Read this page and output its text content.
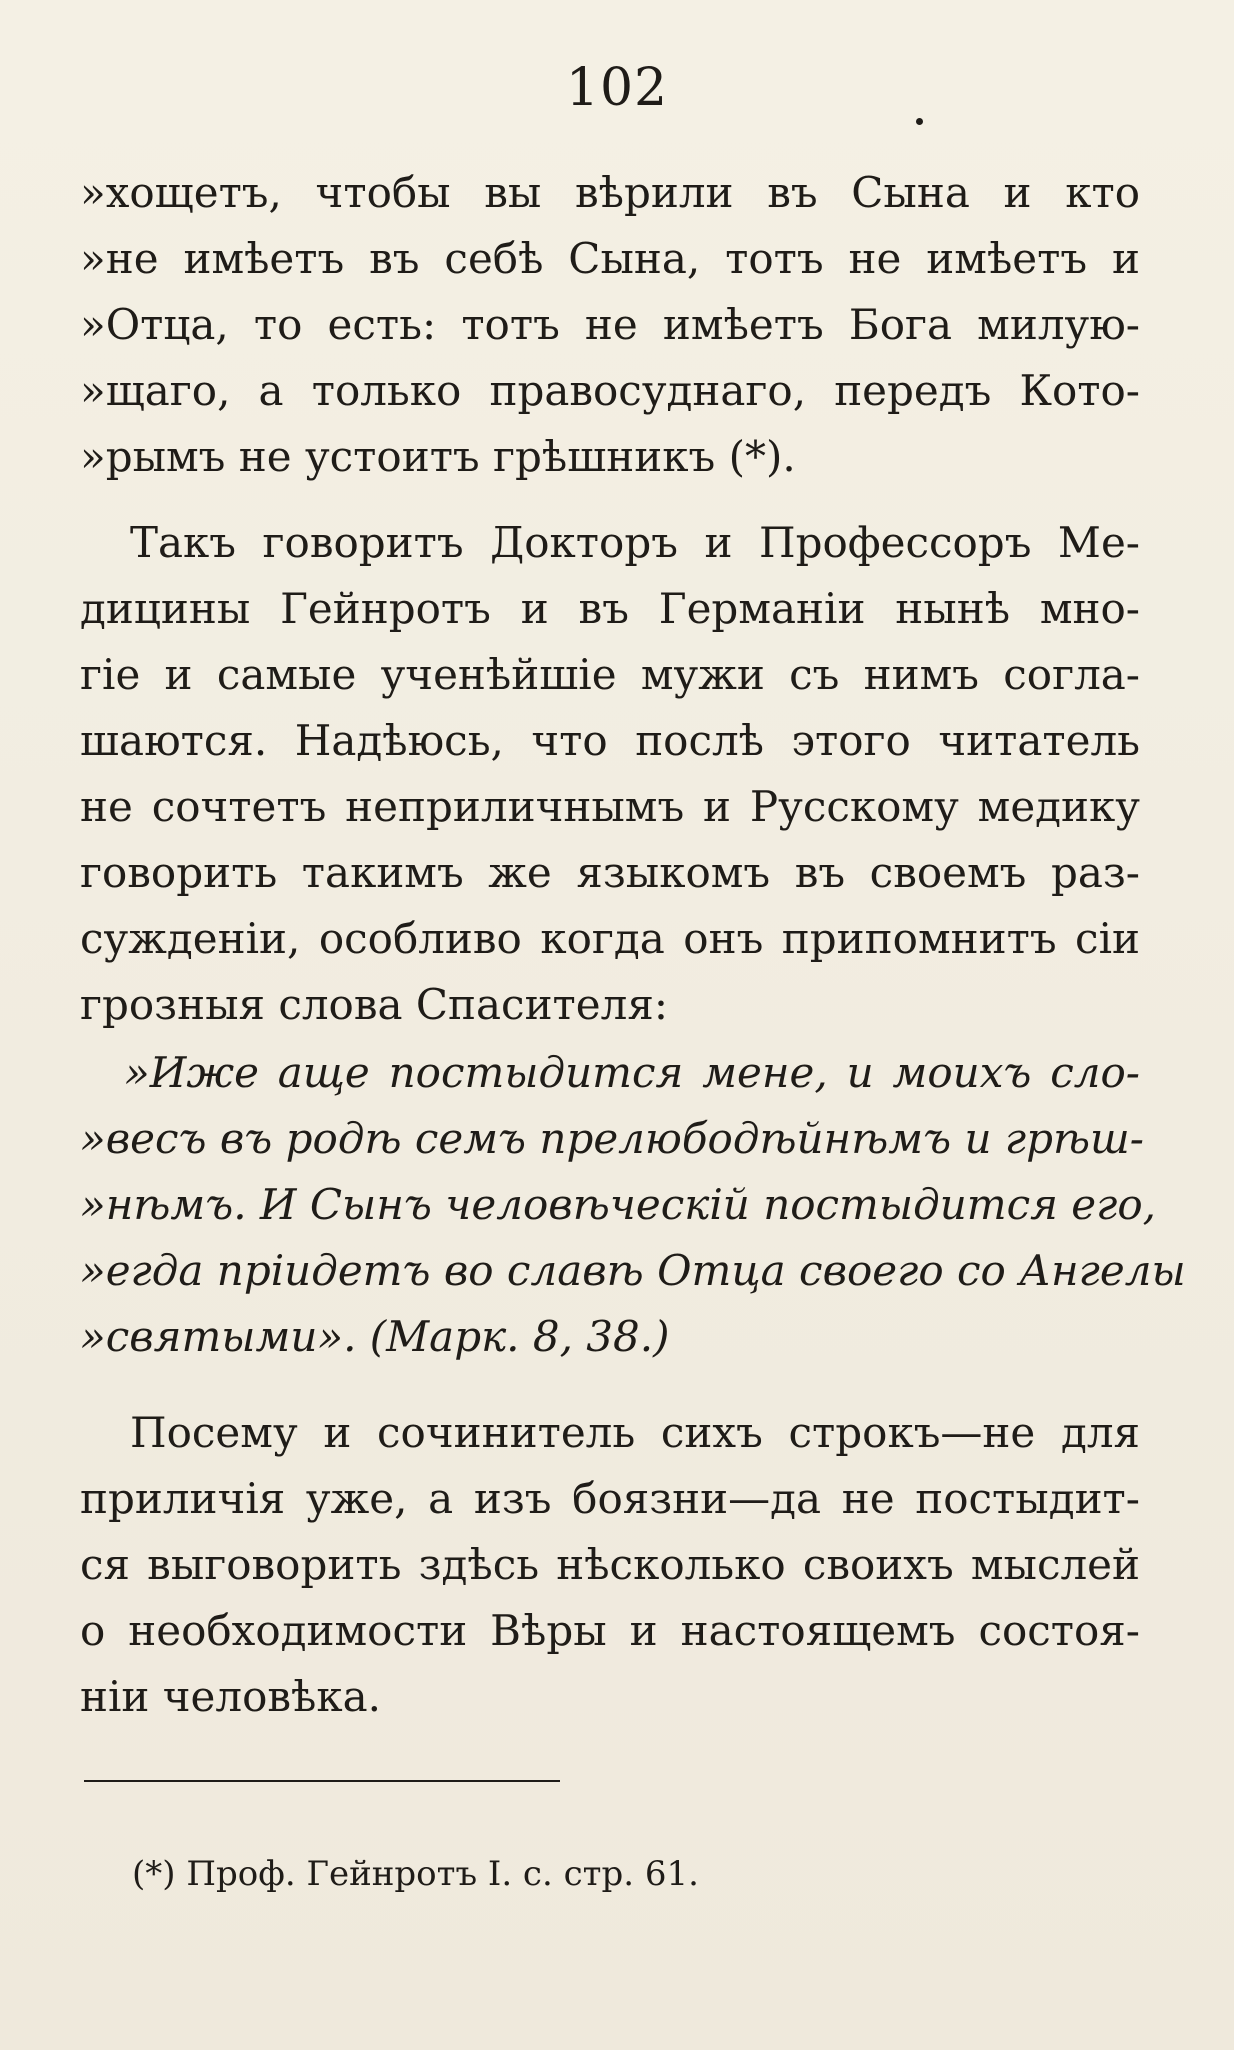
102
»хощетъ, чтобы вы вѣрили въ Сына и кто
»не имѣетъ въ себѣ Сына, тотъ не имѣетъ и
»Отца, то есть: тотъ не имѣетъ Бога милую-
»щаго, а только правосуднаго, передъ Кото-
»рымъ не устоитъ грѣшникъ (*).
Такъ говоритъ Докторъ и Профессоръ Ме-
дицины Гейнротъ и въ Германіи нынѣ мно-
гіе и самые ученѣйшіе мужи съ нимъ согла-
шаются. Надѣюсь, что послѣ этого читатель
не сочтетъ неприличнымъ и Русскому медику
говорить такимъ же языкомъ въ своемъ раз-
сужденіи, особливо когда онъ припомнитъ сіи
грозныя слова Спасителя:
»Иже аще постыдится мене, и моихъ сло-
»весъ въ родѣ семъ прелюбодѣйнѣмъ и грѣш-
»нѣмъ. И Сынъ человѣческій постыдится его,
»егда пріидетъ во славѣ Отца своего со Ангелы
»святыми». (Марк. 8, 38.)
Посему и сочинитель сихъ строкъ—не для
приличія уже, а изъ боязни—да не постыдит-
ся выговорить здѣсь нѣсколько своихъ мыслей
о необходимости Вѣры и настоящемъ состоя-
ніи человѣка.
(*) Проф. Гейнротъ I. с. стр. 61.
